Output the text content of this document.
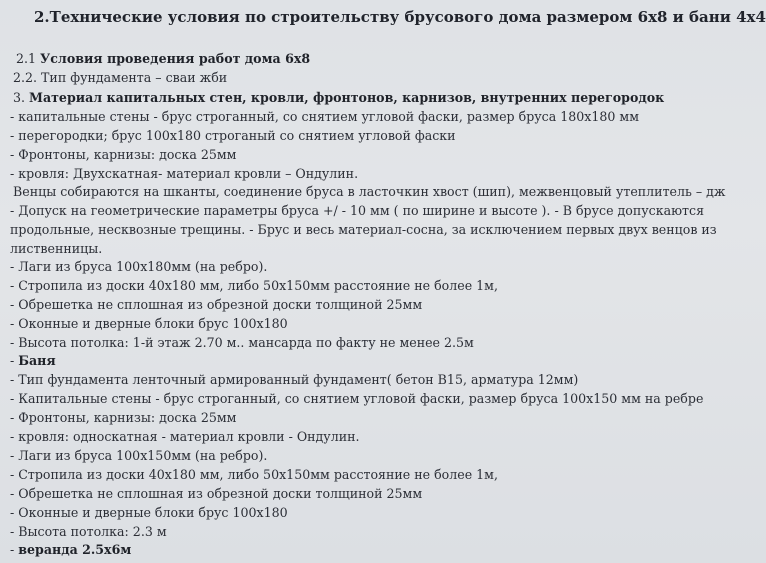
2.Технические условия по строительству брусового дома размером 6х8 и бани 4х4
2.1 Условия проведения работ дома 6х8
2.2. Тип фундамента – сваи жби
3. Материал капитальных стен, кровли, фронтонов, карнизов, внутренних перегородок
- капитальные стены - брус строганный, со снятием угловой фаски, размер бруса 180х180 мм
- перегородки; брус 100х180 строганый со снятием угловой фаски
- Фронтоны, карнизы: доска 25мм
- кровля: Двухскатная- материал кровли – Ондулин.
Венцы собираются на шканты, соединение бруса в ласточкин хвост (шип), межвенцовый утеплитель – дж
- Допуск на геометрические параметры бруса +/ - 10 мм ( по ширине и высоте ). - В брусе допускаются
продольные, несквозные трещины. - Брус и весь материал-сосна, за исключением первых двух венцов из
лиственницы.
- Лаги из бруса 100х180мм (на ребро).
- Стропила из доски 40х180 мм, либо 50х150мм расстояние не более 1м,
- Обрешетка не сплошная из обрезной доски толщиной 25мм
- Оконные и дверные блоки брус 100х180
- Высота потолка: 1-й этаж 2.70 м.. мансарда по факту не менее 2.5м
- Баня
- Тип фундамента ленточный армированный фундамент( бетон В15, арматура 12мм)
- Капитальные стены - брус строганный, со снятием угловой фаски, размер бруса 100х150 мм на ребре
- Фронтоны, карнизы: доска 25мм
- кровля: односкатная - материал кровли - Ондулин.
- Лаги из бруса 100х150мм (на ребро).
- Стропила из доски 40х180 мм, либо 50х150мм расстояние не более 1м,
- Обрешетка не сплошная из обрезной доски толщиной 25мм
- Оконные и дверные блоки брус 100х180
- Высота потолка: 2.3 м
- веранда 2.5х6м
